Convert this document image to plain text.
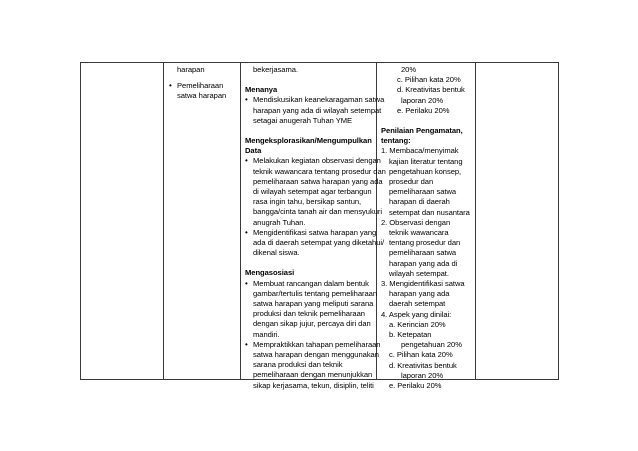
harapan

• Pemeliharaan

satwa harapan

bekerjasama.

Menanya

• Mendiskusikan keanekaragaman satwa

harapan yang ada di wilayah setempat

setagai anugerah Tuhan YME

Mengeksplorasikan/Mengumpulkan

Data

• Melakukan kegiatan observasi dengan

teknik wawancara tentang prosedur dan

pemeliharaan satwa harapan yang ada

di wilayah setempat agar terbangun

rasa ingin tahu, bersikap santun,

bangga/cinta tanah air dan mensyukuri

anugrah Tuhan.

• Mengidentifikasi satwa harapan yang

ada di daerah setempat yang diketahui/

dikenal siswa.

Mengasosiasi

• Membuat rancangan dalam bentuk

gambar/tertulis tentang pemeliharaan

satwa harapan yang meliputi sarana

produksi dan teknik pemeliharaan

dengan sikap jujur, percaya diri dan

mandiri.

• Mempraktikkan tahapan pemeliharaan

satwa harapan dengan menggunakan

sarana produksi dan teknik

pemeliharaan dengan menunjukkan

sikap kerjasama, tekun, disiplin, teliti

20%

c. Pilihan kata 20%

d. Kreativitas bentuk

laporan 20%

e. Perilaku 20%

Penilaian Pengamatan,

tentang:

1. Membaca/menyimak

kajian literatur tentang

pengetahuan konsep,

prosedur dan

pemeliharaan satwa

harapan di daerah

setempat dan nusantara

2. Observasi dengan

teknik wawancara

tentang prosedur dan

pemeliharaan satwa

harapan yang ada di

wilayah setempat.

3. Mengidentifikasi satwa

harapan yang ada

daerah setempat

4. Aspek yang dinilai:

a. Kerincian 20%

b. Ketepatan

pengetahuan 20%

c. Pilihan kata 20%

d. Kreativitas bentuk

laporan 20%

e. Perilaku 20%
